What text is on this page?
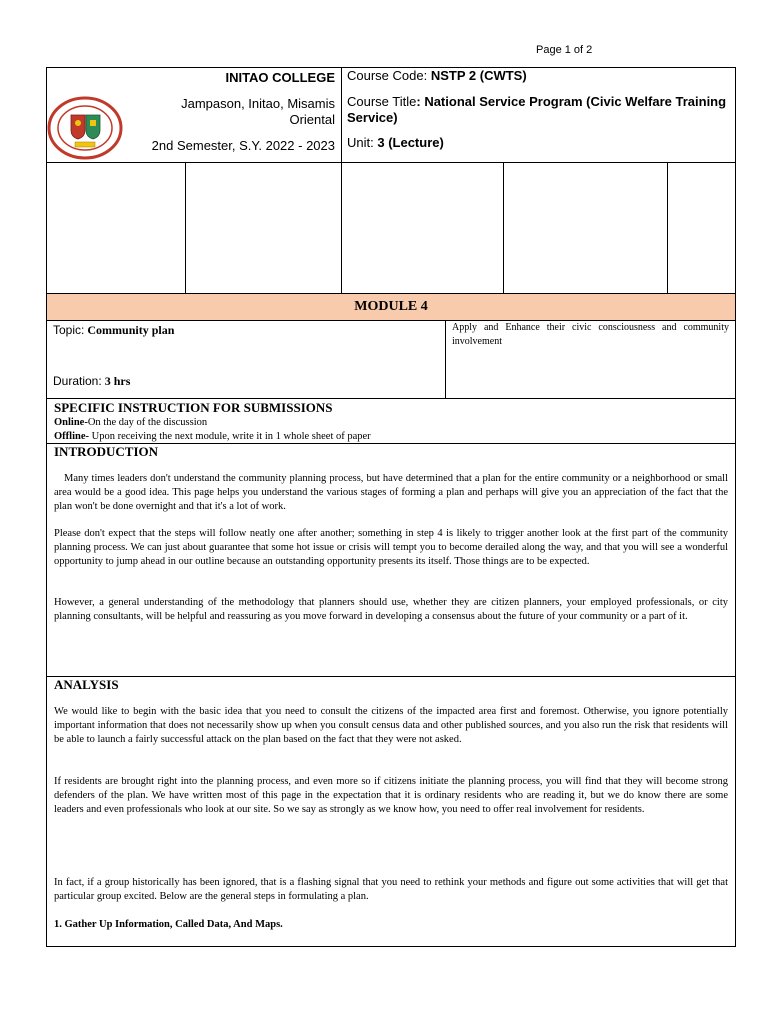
Page 1 of 2
INITAO COLLEGE
Jampason, Initao, Misamis Oriental
2nd Semester, S.Y. 2022 - 2023
Course Code: NSTP 2 (CWTS)
Course Title: National Service Program (Civic Welfare Training Service)
Unit: 3 (Lecture)
MODULE 4
Topic: Community plan
Duration: 3 hrs
Apply and Enhance their civic consciousness and community involvement
SPECIFIC INSTRUCTION FOR SUBMISSIONS
Online-On the day of the discussion
Offline- Upon receiving the next module, write it in 1 whole sheet of paper
INTRODUCTION
Many times leaders don't understand the community planning process, but have determined that a plan for the entire community or a neighborhood or small area would be a good idea. This page helps you understand the various stages of forming a plan and perhaps will give you an appreciation of the fact that the plan won't be done overnight and that it's a lot of work.
Please don't expect that the steps will follow neatly one after another; something in step 4 is likely to trigger another look at the first part of the community planning process. We can just about guarantee that some hot issue or crisis will tempt you to become derailed along the way, and that you will see a wonderful opportunity to jump ahead in our outline because an outstanding opportunity presents its itself. Those things are to be expected.
However, a general understanding of the methodology that planners should use, whether they are citizen planners, your employed professionals, or city planning consultants, will be helpful and reassuring as you move forward in developing a consensus about the future of your community or a part of it.
ANALYSIS
We would like to begin with the basic idea that you need to consult the citizens of the impacted area first and foremost. Otherwise, you ignore potentially important information that does not necessarily show up when you consult census data and other published sources, and you also run the risk that residents will be able to launch a fairly successful attack on the plan based on the fact that they were not asked.
If residents are brought right into the planning process, and even more so if citizens initiate the planning process, you will find that they will become strong defenders of the plan. We have written most of this page in the expectation that it is ordinary residents who are reading it, but we do know there are some leaders and even professionals who look at our site. So we say as strongly as we know how, you need to offer real involvement for residents.
In fact, if a group historically has been ignored, that is a flashing signal that you need to rethink your methods and figure out some activities that will get that particular group excited. Below are the general steps in formulating a plan.
1. Gather Up Information, Called Data, And Maps.
